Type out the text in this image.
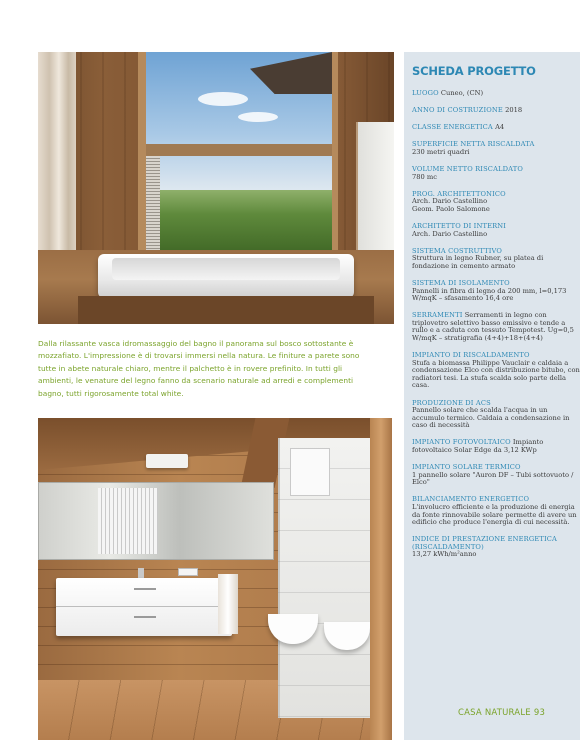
Dalla rilassante vasca idromassaggio del bagno il panorama sul bosco sottostante è mozzafiato. L'impressione è di trovarsi immersi nella natura. Le finiture a parete sono tutte in abete naturale chiaro, mentre il palchetto è in rovere prefinito. In tutti gli ambienti, le venature del legno fanno da scenario naturale ad arredi e complementi bagno, tutti rigorosamente total white.

SCHEDA PROGETTO
LUOGO Cuneo, (CN)
ANNO DI COSTRUZIONE 2018
CLASSE ENERGETICA A4
SUPERFICIE NETTA RISCALDATA
230 metri quadri
VOLUME NETTO RISCALDATO
780 mc
PROG. ARCHITETTONICO
Arch. Dario Castellino
Geom. Paolo Salomone
ARCHITETTO DI INTERNI
Arch. Dario Castellino
SISTEMA COSTRUTTIVO
Struttura in legno Rubner, su platea di fondazione in cemento armato
SISTEMA DI ISOLAMENTO
Pannelli in fibra di legno da 200 mm, l=0,173 W/mqK – sfasamento 16,4 ore
SERRAMENTI Serramenti in legno con triplovetro selettivo basso emissivo e tende a rullo e a caduta con tessuto Tempotest. Ug=0,5 W/mqK – stratigrafia (4+4)+18+(4+4)
IMPIANTO DI RISCALDAMENTO
Stufa a biomassa Philippe Vauclair e caldaia a condensazione Elco con distribuzione bitubo, con radiatori tesi. La stufa scalda solo parte della casa.
PRODUZIONE DI ACS
Pannello solare che scalda l'acqua in un accumulo termico. Caldaia a condensazione in caso di necessità
IMPIANTO FOTOVOLTAICO Impianto fotovoltaico Solar Edge da 3,12 KWp
IMPIANTO SOLARE TERMICO
1 pannello solare "Auron DF – Tubi sottovuoto / Elco"
BILANCIAMENTO ENERGETICO
L'involucro efficiente e la produzione di energia da fonte rinnovabile solare permette di avere un edificio che produce l'energia di cui necessità.
INDICE DI PRESTAZIONE ENERGETICA (RISCALDAMENTO)
13,27 kWh/m²anno
CASA NATURALE 93
